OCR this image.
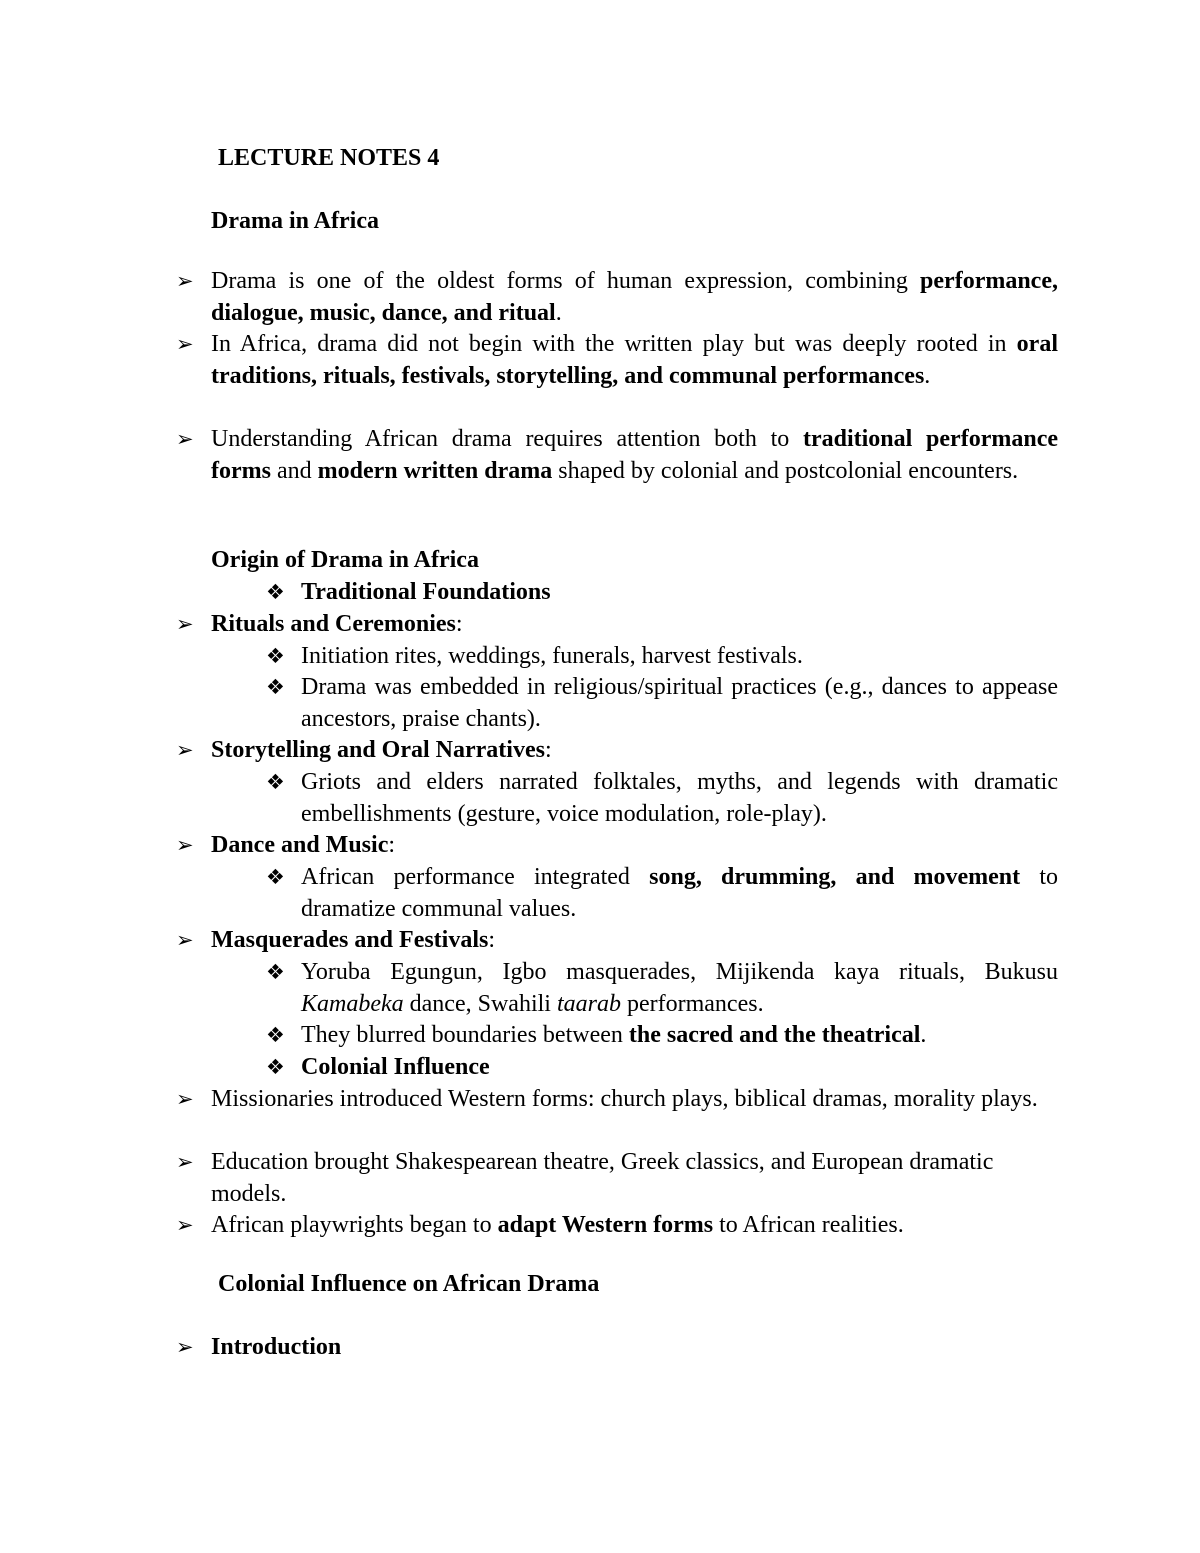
LECTURE NOTES 4
Drama in Africa
➢ Drama is one of the oldest forms of human expression, combining performance, dialogue, music, dance, and ritual.
➢ In Africa, drama did not begin with the written play but was deeply rooted in oral traditions, rituals, festivals, storytelling, and communal performances.
➢ Understanding African drama requires attention both to traditional performance forms and modern written drama shaped by colonial and postcolonial encounters.
Origin of Drama in Africa
❖ Traditional Foundations
➢ Rituals and Ceremonies:
❖ Initiation rites, weddings, funerals, harvest festivals.
❖ Drama was embedded in religious/spiritual practices (e.g., dances to appease ancestors, praise chants).
➢ Storytelling and Oral Narratives:
❖ Griots and elders narrated folktales, myths, and legends with dramatic embellishments (gesture, voice modulation, role-play).
➢ Dance and Music:
❖ African performance integrated song, drumming, and movement to dramatize communal values.
➢ Masquerades and Festivals:
❖ Yoruba Egungun, Igbo masquerades, Mijikenda kaya rituals, Bukusu Kamabeka dance, Swahili taarab performances.
❖ They blurred boundaries between the sacred and the theatrical.
❖ Colonial Influence
➢ Missionaries introduced Western forms: church plays, biblical dramas, morality plays.
➢ Education brought Shakespearean theatre, Greek classics, and European dramatic models.
➢ African playwrights began to adapt Western forms to African realities.
Colonial Influence on African Drama
➢ Introduction
